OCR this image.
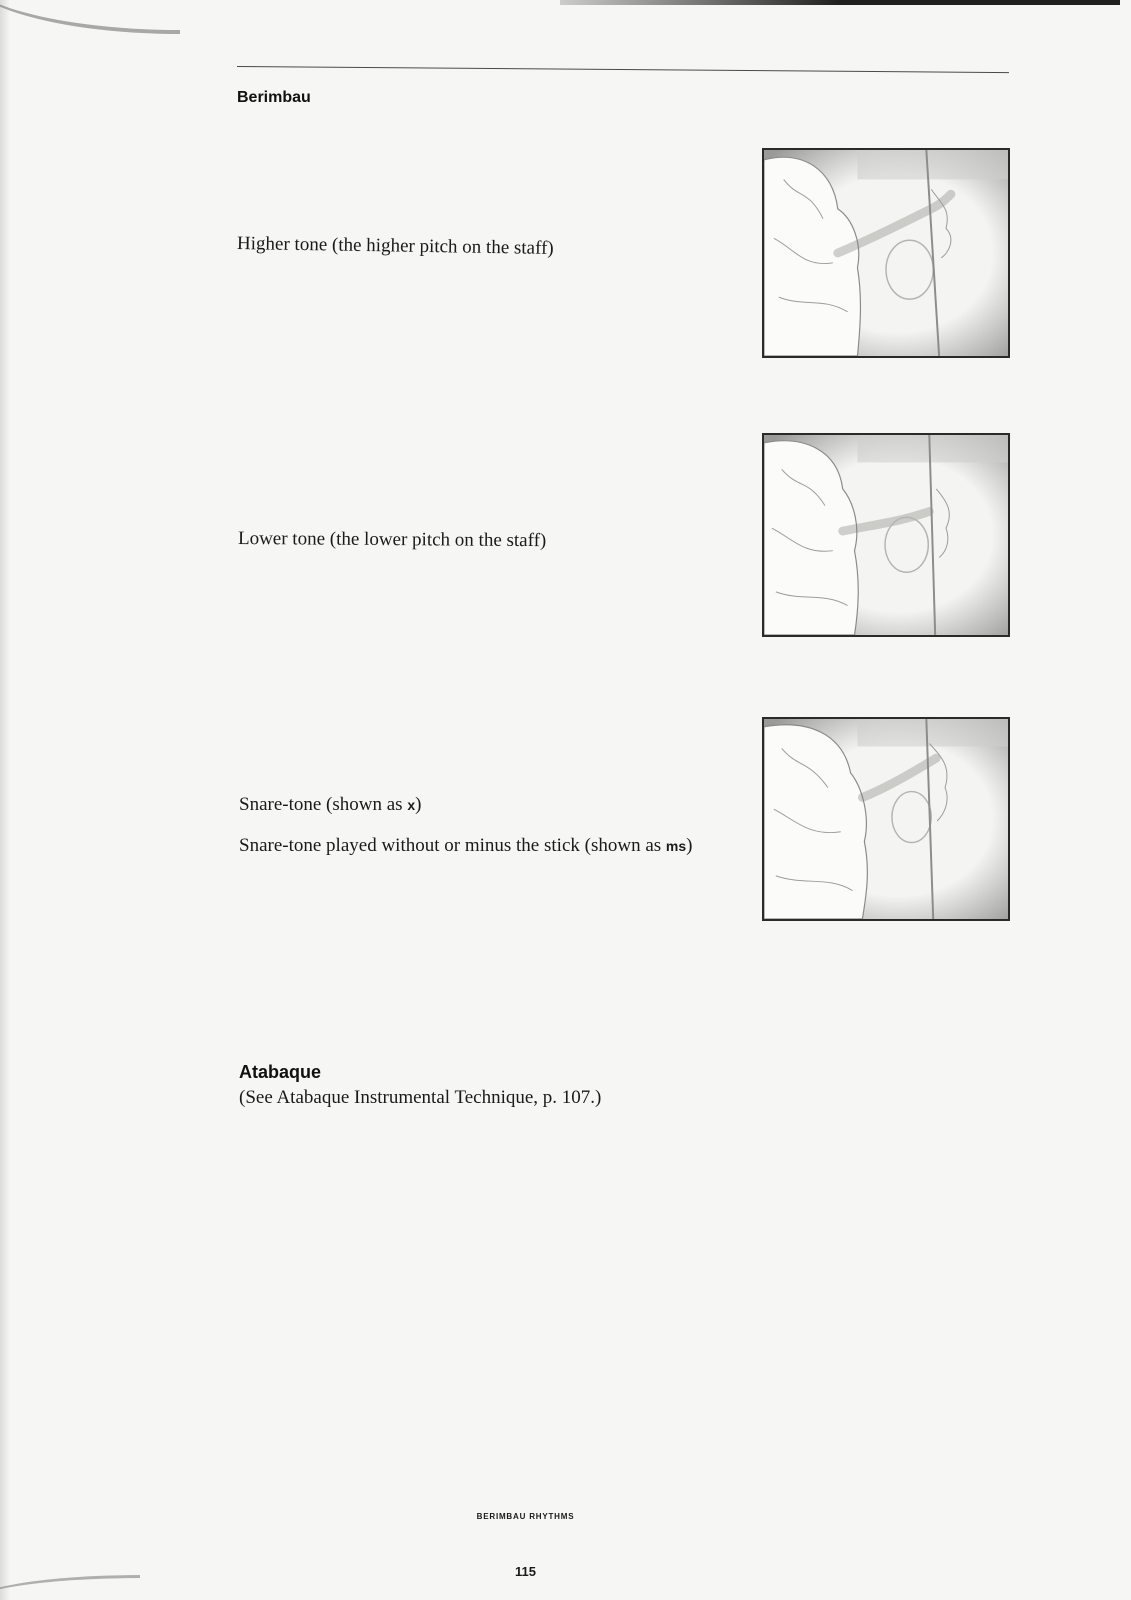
Berimbau
Higher tone (the higher pitch on the staff)
Lower tone (the lower pitch on the staff)
Snare-tone (shown as x)
Snare-tone played without or minus the stick (shown as ms)
Atabaque
(See Atabaque Instrumental Technique, p. 107.)
BERIMBAU RHYTHMS
115
